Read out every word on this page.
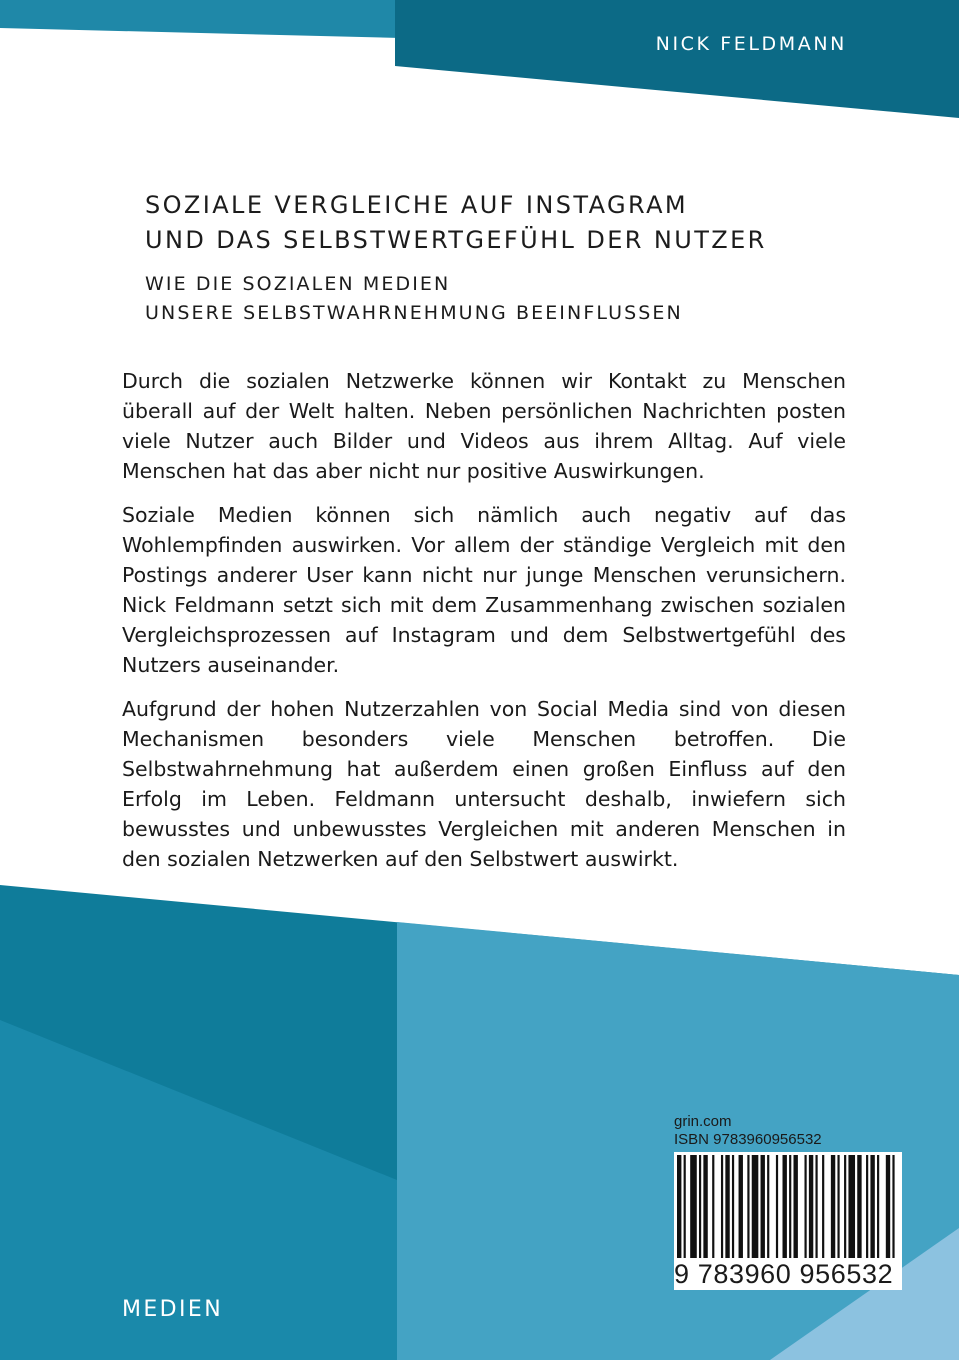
NICK FELDMANN
SOZIALE VERGLEICHE AUF INSTAGRAM
UND DAS SELBSTWERTGEFÜHL DER NUTZER
WIE DIE SOZIALEN MEDIEN
UNSERE SELBSTWAHRNEHMUNG BEEINFLUSSEN

Durch die sozialen Netzwerke können wir Kontakt zu Menschen überall auf der Welt halten. Neben persönlichen Nachrichten posten viele Nutzer auch Bilder und Videos aus ihrem Alltag. Auf viele Menschen hat das aber nicht nur positive Auswirkungen.

Soziale Medien können sich nämlich auch negativ auf das Wohlempfinden auswirken. Vor allem der ständige Vergleich mit den Postings anderer User kann nicht nur junge Menschen verunsichern. Nick Feldmann setzt sich mit dem Zusammenhang zwischen sozialen Vergleichsprozessen auf Instagram und dem Selbstwertgefühl des Nutzers auseinander.

Aufgrund der hohen Nutzerzahlen von Social Media sind von diesen Mechanismen besonders viele Menschen betroffen. Die Selbstwahrnehmung hat außerdem einen großen Einfluss auf den Erfolg im Leben. Feldmann untersucht deshalb, inwiefern sich bewusstes und unbewusstes Vergleichen mit anderen Menschen in den sozialen Netzwerken auf den Selbstwert auswirkt.

grin.com
ISBN 9783960956532
9 783960 956532
MEDIEN
